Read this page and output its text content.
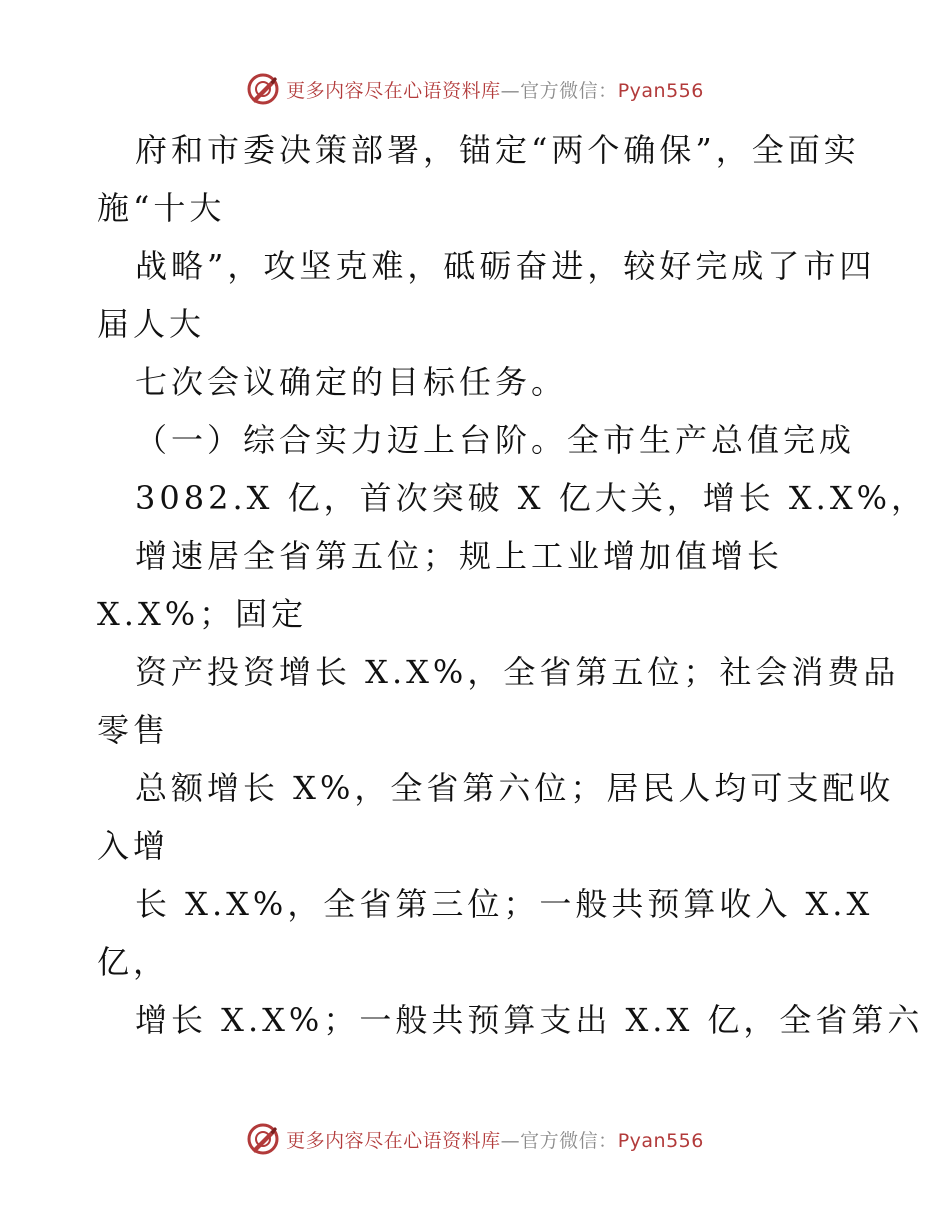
更多内容尽在心语资料库—官方微信：Pyan556
府和市委决策部署，锚定“两个确保”，全面实
施“十大
战略”，攻坚克难，砥砺奋进，较好完成了市四
届人大
七次会议确定的目标任务。
（一）综合实力迈上台阶。全市生产总值完成
3082.X 亿，首次突破 X 亿大关，增长 X.X%，
增速居全省第五位；规上工业增加值增长
X.X%；固定
资产投资增长 X.X%，全省第五位；社会消费品
零售
总额增长 X%，全省第六位；居民人均可支配收
入增
长 X.X%，全省第三位；一般共预算收入 X.X
亿，
增长 X.X%；一般共预算支出 X.X 亿，全省第六
更多内容尽在心语资料库—官方微信：Pyan556
